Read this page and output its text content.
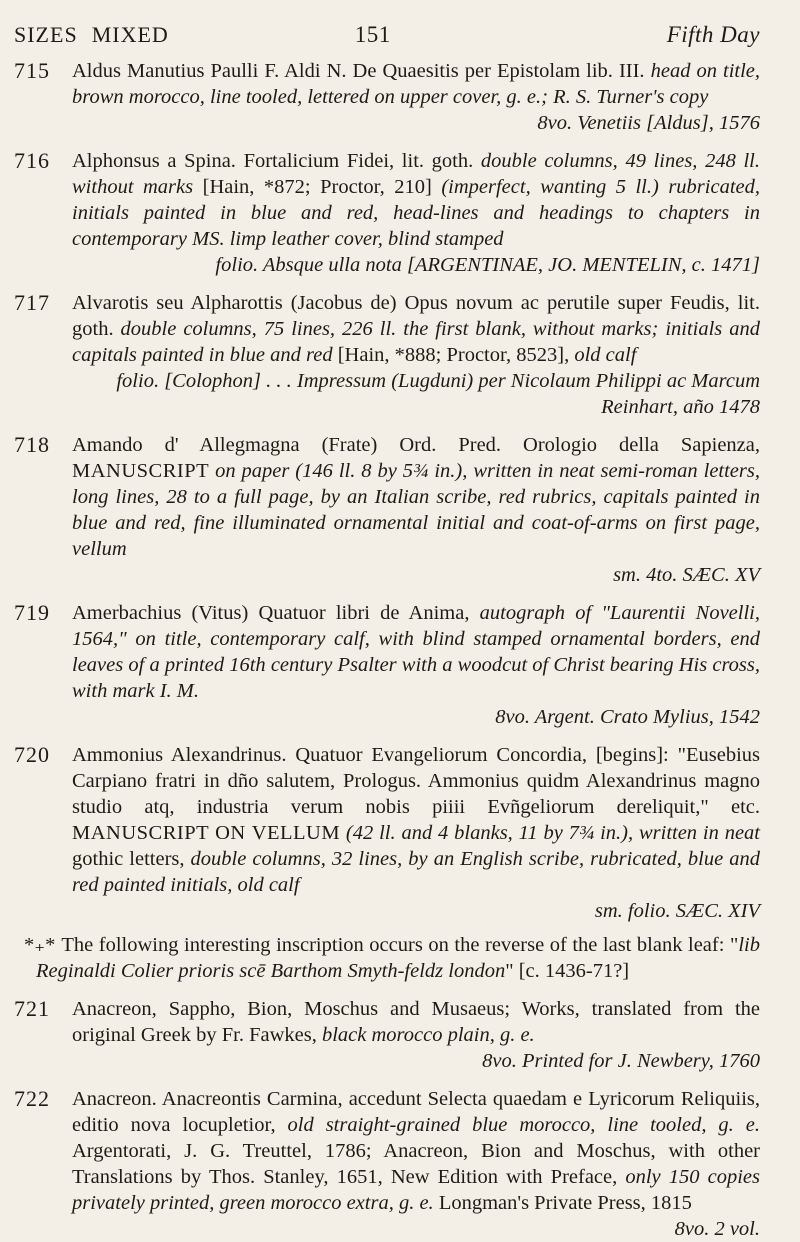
SIZES MIXED	151	Fifth Day
715	Aldus Manutius Paulli F. Aldi N. De Quaesitis per Epistolam lib. III. head on title, brown morocco, line tooled, lettered on upper cover, g. e.; R. S. Turner's copy
8vo. Venetiis [Aldus], 1576
716	Alphonsus a Spina. Fortalicium Fidei, lit. goth. double columns, 49 lines, 248 ll. without marks [Hain, *872; Proctor, 210] (imperfect, wanting 5 ll.) rubricated, initials painted in blue and red, head-lines and headings to chapters in contemporary MS. limp leather cover, blind stamped
folio. Absque ulla nota [ARGENTINAE, JO. MENTELIN, c. 1471]
717	Alvarotis seu Alpharottis (Jacobus de) Opus novum ac perutile super Feudis, lit. goth. double columns, 75 lines, 226 ll. the first blank, without marks; initials and capitals painted in blue and red [Hain, *888; Proctor, 8523], old calf
folio. [Colophon] . . . Impressum (Lugduni) per Nicolaum Philippi ac Marcum Reinhart, año 1478
718	Amando d' Allegmagna (Frate) Ord. Pred. Orologio della Sapienza, MANUSCRIPT on paper (146 ll. 8 by 5¾ in.), written in neat semi-roman letters, long lines, 28 to a full page, by an Italian scribe, red rubrics, capitals painted in blue and red, fine illuminated ornamental initial and coat-of-arms on first page, vellum
sm. 4to. SÆC. XV
719	Amerbachius (Vitus) Quatuor libri de Anima, autograph of "Laurentii Novelli, 1564," on title, contemporary calf, with blind stamped ornamental borders, end leaves of a printed 16th century Psalter with a woodcut of Christ bearing His cross, with mark I. M.
8vo. Argent. Crato Mylius, 1542
720	Ammonius Alexandrinus. Quatuor Evangeliorum Concordia, [begins]: "Eusebius Carpiano fratri in dño salutem, Prologus. Ammonius quidm Alexandrinus magno studio atq, industria verum nobis piiii Evñgeliorum dereliquit," etc. MANUSCRIPT ON VELLUM (42 ll. and 4 blanks, 11 by 7¾ in.), written in neat gothic letters, double columns, 32 lines, by an English scribe, rubricated, blue and red painted initials, old calf
sm. folio. SÆC. XIV
*₊* The following interesting inscription occurs on the reverse of the last blank leaf: "lib Reginaldi Colier prioris scē Barthom Smyth-feldz london" [c. 1436-71?]
721	Anacreon, Sappho, Bion, Moschus and Musaeus; Works, translated from the original Greek by Fr. Fawkes, black morocco plain, g. e.
8vo. Printed for J. Newbery, 1760
722	Anacreon. Anacreontis Carmina, accedunt Selecta quaedam e Lyricorum Reliquiis, editio nova locupletior, old straight-grained blue morocco, line tooled, g. e. Argentorati, J. G. Treuttel, 1786; Anacreon, Bion and Moschus, with other Translations by Thos. Stanley, 1651, New Edition with Preface, only 150 copies privately printed, green morocco extra, g. e. Longman's Private Press, 1815
8vo. 2 vol.
